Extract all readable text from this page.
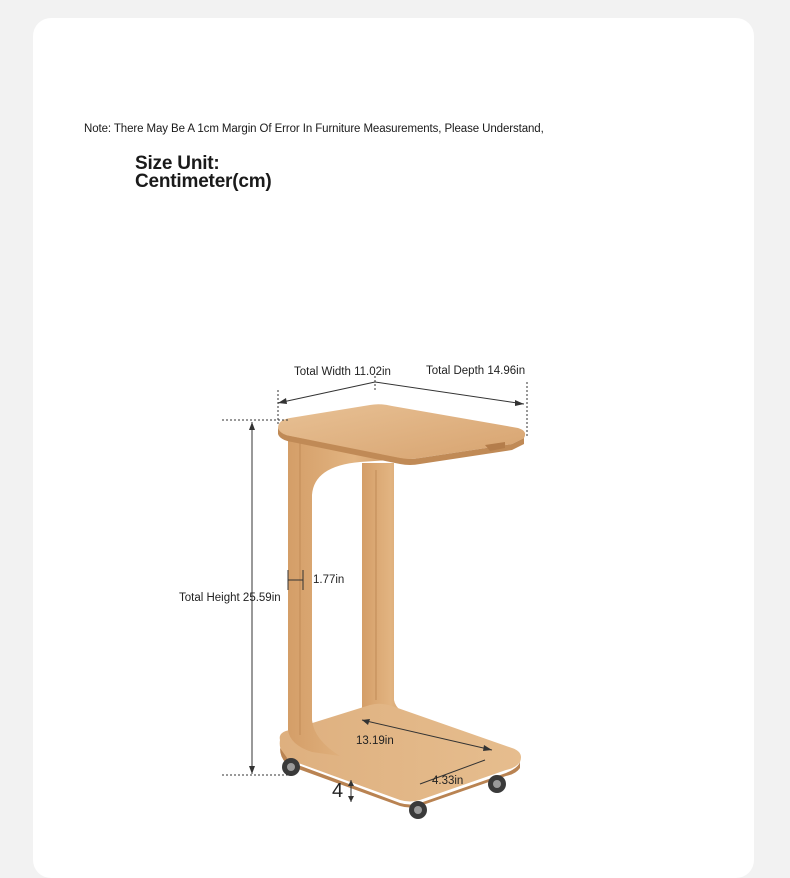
Note: There May Be A 1cm Margin Of Error In Furniture Measurements, Please Understand,
Size Unit:
Centimeter(cm)
Total Width 11.02in	Total Depth 14.96in
Total Height 25.59in
1.77in
13.19in
4.33in
4
